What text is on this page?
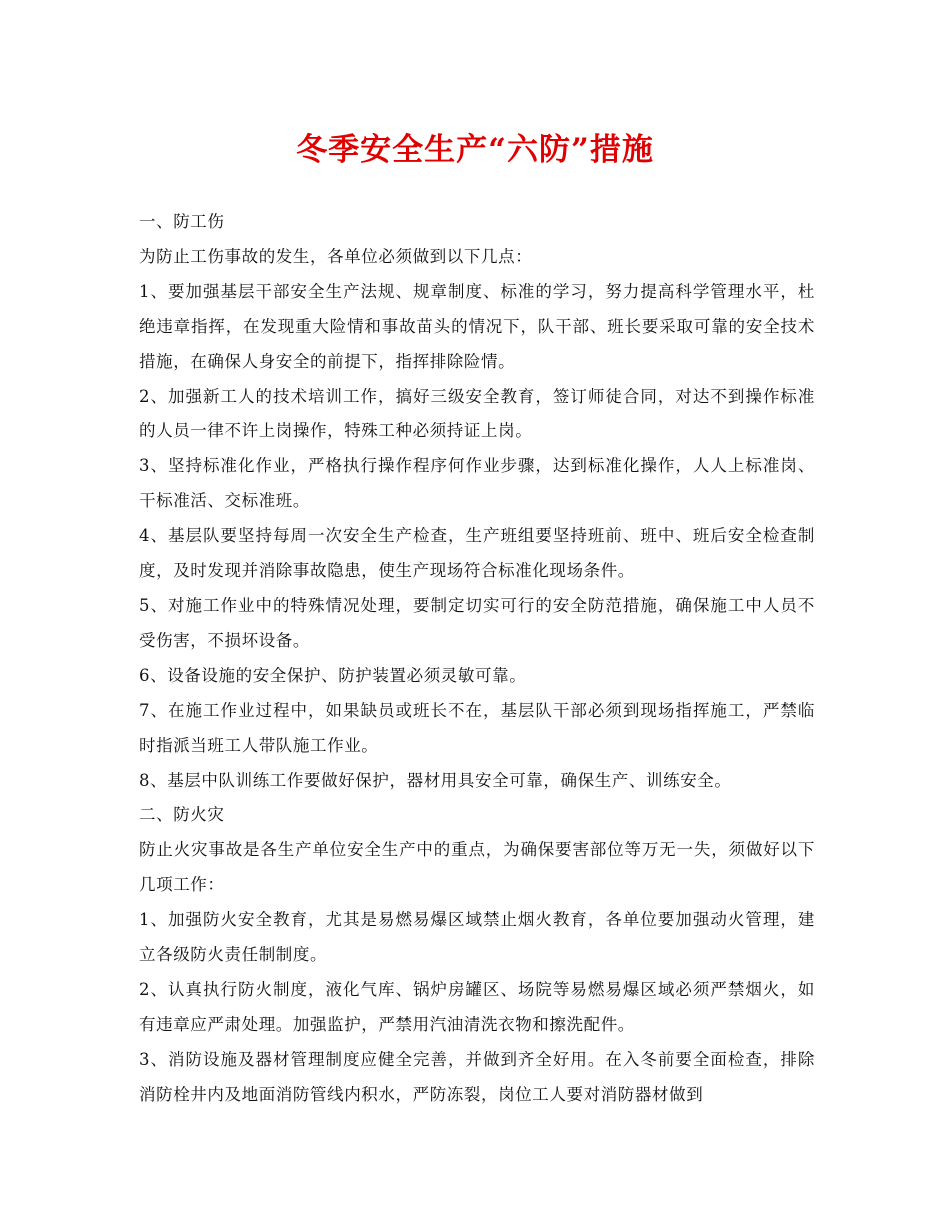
冬季安全生产“六防”措施

一、防工伤

为防止工伤事故的发生，各单位必须做到以下几点：

1、要加强基层干部安全生产法规、规章制度、标准的学习，努力提高科学管理水平，杜绝违章指挥，在发现重大险情和事故苗头的情况下，队干部、班长要采取可靠的安全技术措施，在确保人身安全的前提下，指挥排除险情。

2、加强新工人的技术培训工作，搞好三级安全教育，签订师徒合同，对达不到操作标准的人员一律不许上岗操作，特殊工种必须持证上岗。

3、坚持标准化作业，严格执行操作程序何作业步骤，达到标准化操作，人人上标准岗、干标准活、交标准班。

4、基层队要坚持每周一次安全生产检查，生产班组要坚持班前、班中、班后安全检查制度，及时发现并消除事故隐患，使生产现场符合标准化现场条件。

5、对施工作业中的特殊情况处理，要制定切实可行的安全防范措施，确保施工中人员不受伤害，不损坏设备。

6、设备设施的安全保护、防护装置必须灵敏可靠。

7、在施工作业过程中，如果缺员或班长不在，基层队干部必须到现场指挥施工，严禁临时指派当班工人带队施工作业。

8、基层中队训练工作要做好保护，器材用具安全可靠，确保生产、训练安全。

二、防火灾

防止火灾事故是各生产单位安全生产中的重点，为确保要害部位等万无一失，须做好以下几项工作：

1、加强防火安全教育，尤其是易燃易爆区域禁止烟火教育，各单位要加强动火管理，建立各级防火责任制制度。

2、认真执行防火制度，液化气库、锅炉房罐区、场院等易燃易爆区域必须严禁烟火，如有违章应严肃处理。加强监护，严禁用汽油清洗衣物和擦洗配件。

3、消防设施及器材管理制度应健全完善，并做到齐全好用。在入冬前要全面检查，排除消防栓井内及地面消防管线内积水，严防冻裂，岗位工人要对消防器材做到
